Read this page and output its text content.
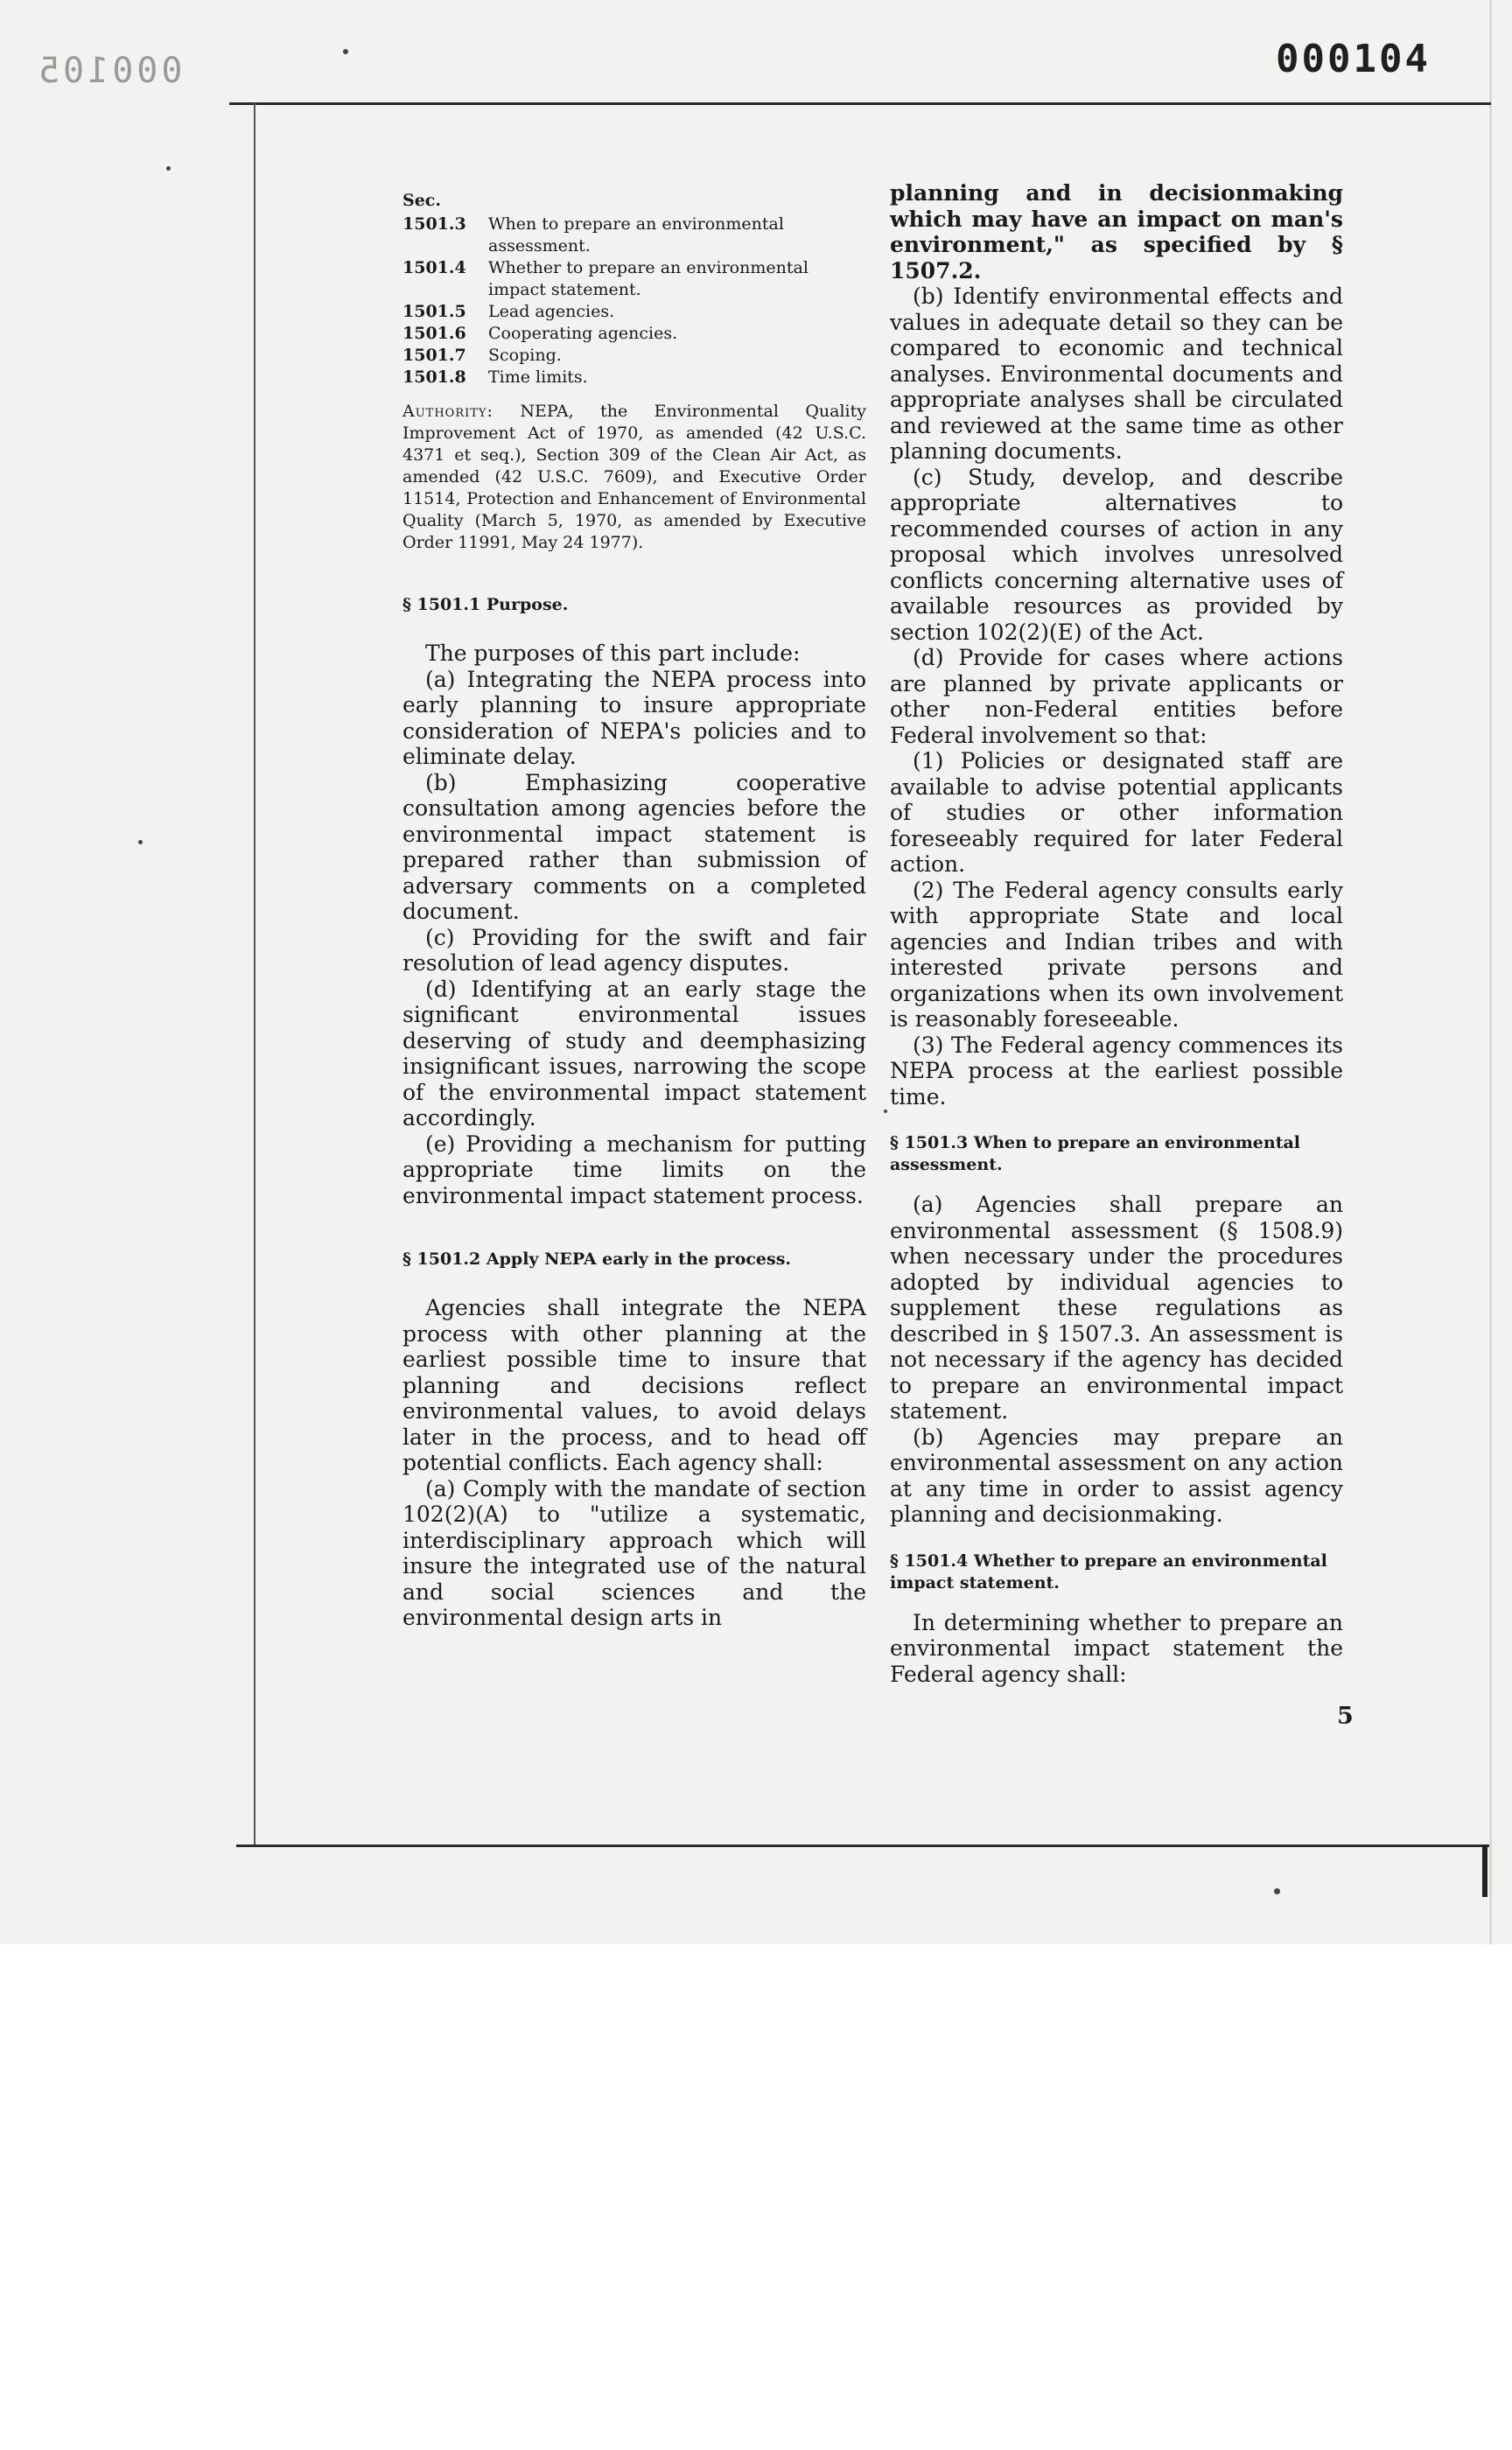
000105	000104
Sec.
1501.3	When to prepare an environmental assessment.
1501.4	Whether to prepare an environmental impact statement.
1501.5	Lead agencies.
1501.6	Cooperating agencies.
1501.7	Scoping.
1501.8	Time limits.

Authority: NEPA, the Environmental Quality Improvement Act of 1970, as amended (42 U.S.C. 4371 et seq.), Section 309 of the Clean Air Act, as amended (42 U.S.C. 7609), and Executive Order 11514, Protection and Enhancement of Environmental Quality (March 5, 1970, as amended by Executive Order 11991, May 24 1977).

§ 1501.1 Purpose.

The purposes of this part include:

(a) Integrating the NEPA process into early planning to insure appropriate consideration of NEPA's policies and to eliminate delay.

(b) Emphasizing cooperative consultation among agencies before the environmental impact statement is prepared rather than submission of adversary comments on a completed document.

(c) Providing for the swift and fair resolution of lead agency disputes.

(d) Identifying at an early stage the significant environmental issues deserving of study and deemphasizing insignificant issues, narrowing the scope of the environmental impact statement accordingly.

(e) Providing a mechanism for putting appropriate time limits on the environmental impact statement process.

§ 1501.2 Apply NEPA early in the process.

Agencies shall integrate the NEPA process with other planning at the earliest possible time to insure that planning and decisions reflect environmental values, to avoid delays later in the process, and to head off potential conflicts. Each agency shall:

(a) Comply with the mandate of section 102(2)(A) to "utilize a systematic, interdisciplinary approach which will insure the integrated use of the natural and social sciences and the environmental design arts in

planning and in decisionmaking which may have an impact on man's environment," as specified by § 1507.2.

(b) Identify environmental effects and values in adequate detail so they can be compared to economic and technical analyses. Environmental documents and appropriate analyses shall be circulated and reviewed at the same time as other planning documents.

(c) Study, develop, and describe appropriate alternatives to recommended courses of action in any proposal which involves unresolved conflicts concerning alternative uses of available resources as provided by section 102(2)(E) of the Act.

(d) Provide for cases where actions are planned by private applicants or other non-Federal entities before Federal involvement so that:

(1) Policies or designated staff are available to advise potential applicants of studies or other information foreseeably required for later Federal action.

(2) The Federal agency consults early with appropriate State and local agencies and Indian tribes and with interested private persons and organizations when its own involvement is reasonably foreseeable.

(3) The Federal agency commences its NEPA process at the earliest possible time.

§ 1501.3 When to prepare an environmental assessment.

(a) Agencies shall prepare an environmental assessment (§ 1508.9) when necessary under the procedures adopted by individual agencies to supplement these regulations as described in § 1507.3. An assessment is not necessary if the agency has decided to prepare an environmental impact statement.

(b) Agencies may prepare an environmental assessment on any action at any time in order to assist agency planning and decisionmaking.

§ 1501.4 Whether to prepare an environmental impact statement.

In determining whether to prepare an environmental impact statement the Federal agency shall:

5
